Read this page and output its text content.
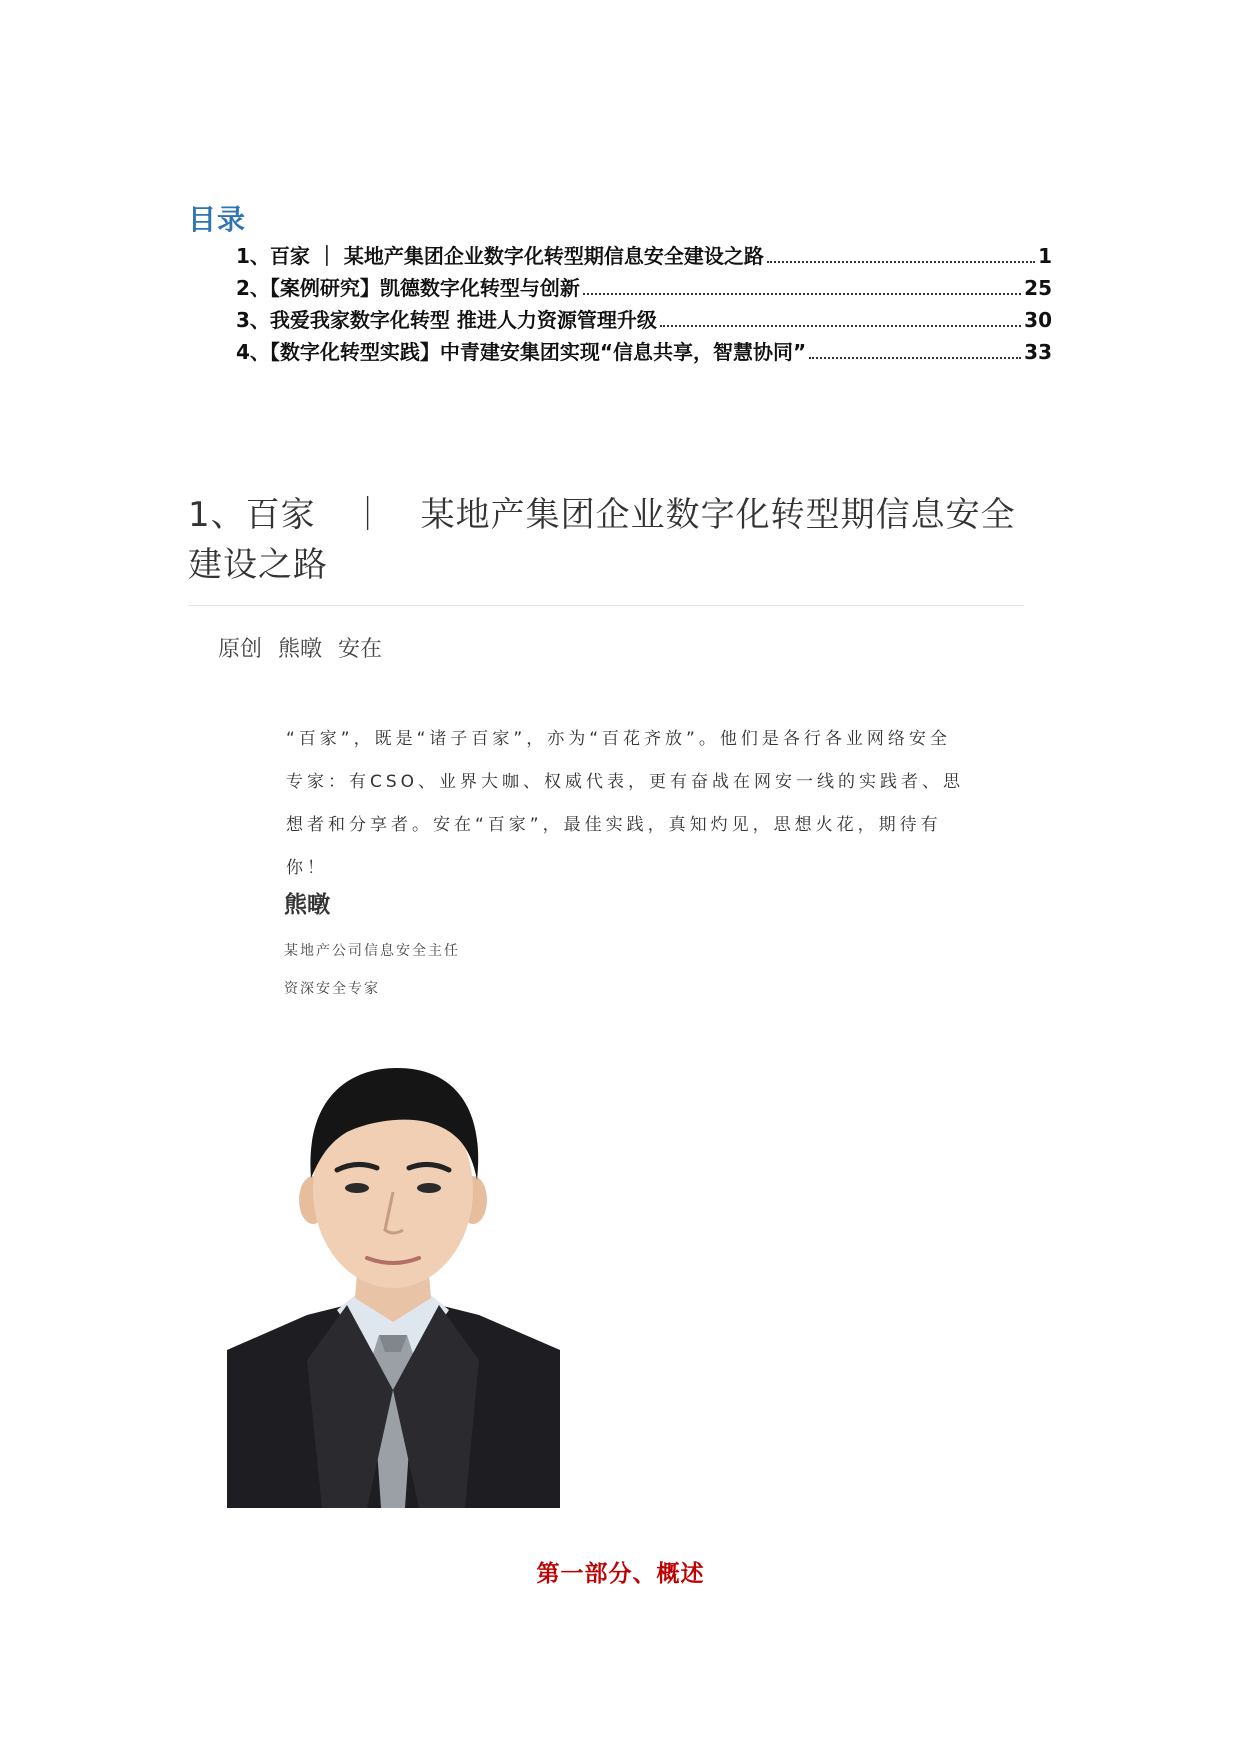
目录
1、百家 ｜ 某地产集团企业数字化转型期信息安全建设之路	1
2、【案例研究】凯德数字化转型与创新	25
3、我爱我家数字化转型 推进人力资源管理升级	30
4、【数字化转型实践】中青建安集团实现“信息共享，智慧协同”	33
1、百家　｜　某地产集团企业数字化转型期信息安全建设之路
原创 熊暾 安在

“百家”，既是“诸子百家”，亦为“百花齐放”。他们是各行各业网络安全专家：有CSO、业界大咖、权威代表，更有奋战在网安一线的实践者、思想者和分享者。安在“百家”，最佳实践，真知灼见，思想火花，期待有你！

熊暾
某地产公司信息安全主任
资深安全专家
第一部分、概述
